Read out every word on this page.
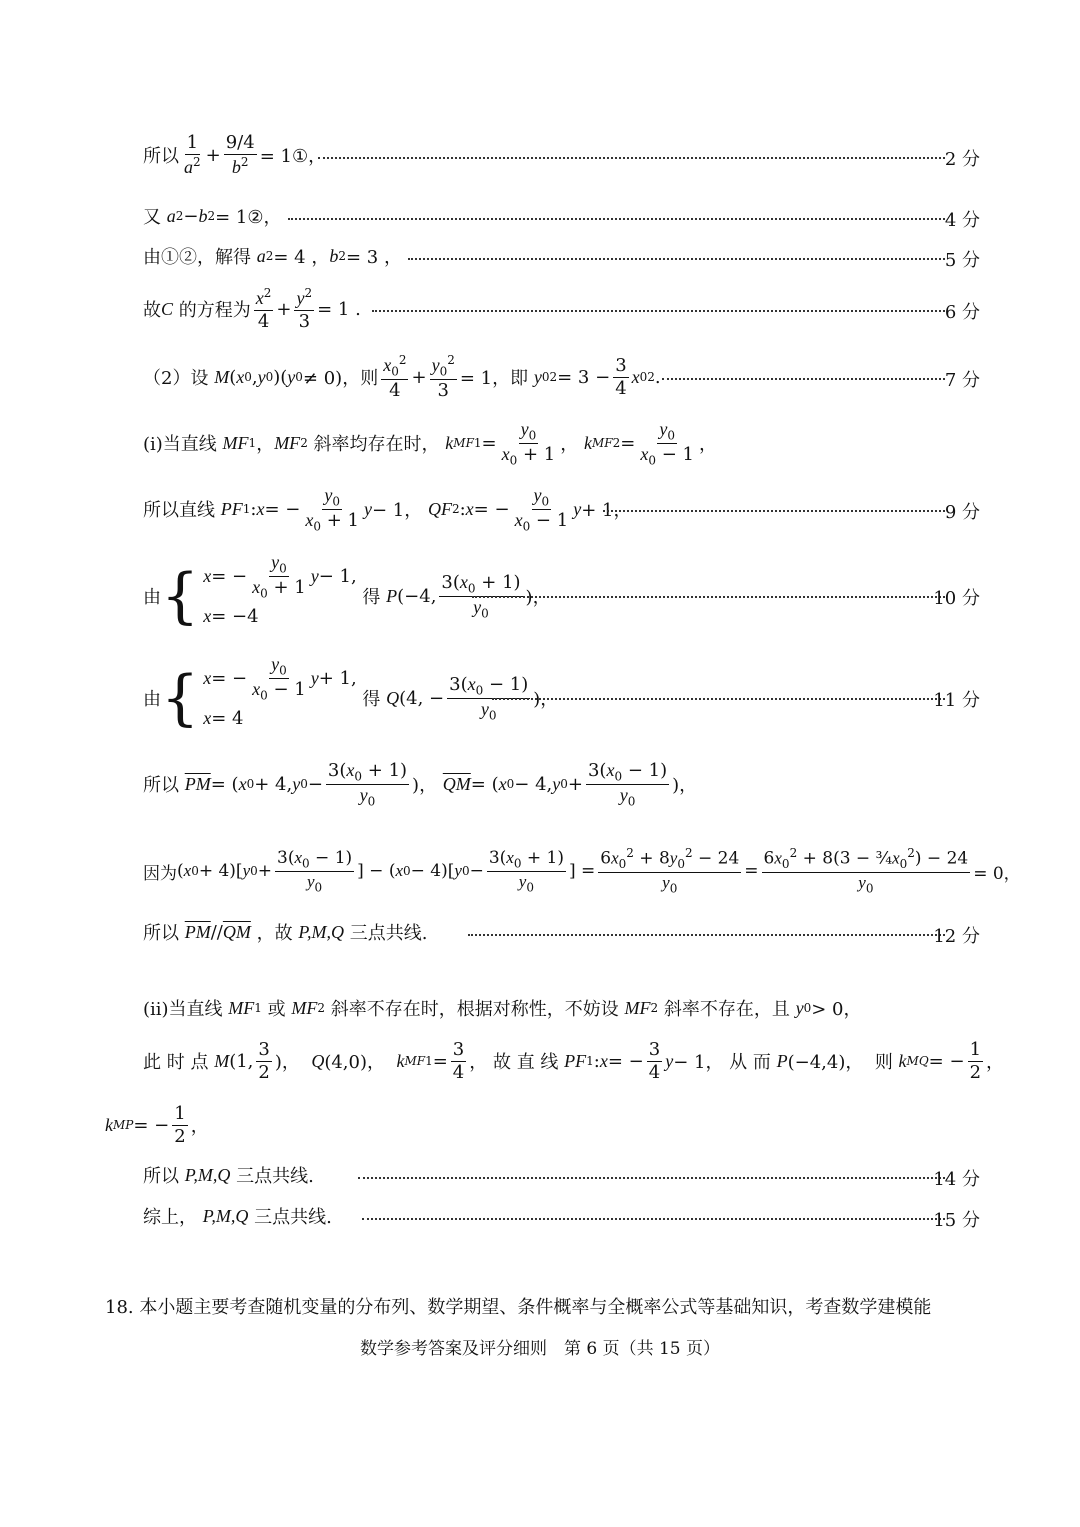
所以 $\frac{1}{a^2} + \frac{9/4}{b^2}$ = 1①，	2 分
又
a 2 − b 2 = 1②，	4 分
由①②，解得
a 2 = 4 ， b 2 = 3 ，	5 分
故 C 的方程为 $\frac{x^2}{4} + \frac{y^2}{3} = 1$ .	6 分
（2）设
M ( x 0 , y 0 )( y 0 ≠ 0)，则 $\frac{x_0^2}{4} + \frac{y_0^2}{3} = 1$，即 y 0 $2 = 3 - \frac{3}{4}$ x 0 2 .	7 分
(i)当直线
MF 1 ， MF 2 斜率均存在时， k $MF1 = \frac{y_0}{x_0 + 1}$ ， k $MF2 = \frac{y_0}{x_0 - 1}$ ，
所以直线
PF 1 : x = − $\frac{y_0}{x_0 + 1}$ y − 1， QF 2 : x = − $\frac{y_0}{x_0 - 1}$ y + 1，	9 分
由 { x = − $\frac{y_0}{x_0 + 1}$ y − 1,
x = −4
得 P (−4, $\frac{3(x_0 + 1)}{y_0}$ )，	10 分
由 { x = − $\frac{y_0}{x_0 - 1}$ y + 1,
x = 4
得 Q (4, − $\frac{3(x_0 - 1)}{y_0}$ )，	11 分
所以
$\overline{PM}$ = ( x 0 + 4, y $0 - \frac{3(x_0 + 1)}{y_0}$ )， $\overline{QM}$ = ( x 0 − 4, y $0 + \frac{3(x_0 - 1)}{y_0}$ )，
因为 ( x 0 + 4)[ y $0 + \frac{3(x_0 - 1)}{y_0}$ ] − ( x 0 − 4)[ y $0 - \frac{3(x_0 + 1)}{y_0}$ ] = $\frac{6x_0^2 + 8y_0^2 - 24}{y_0} = \frac{6x_0^2 + 8(3 - \frac{3}{4}x_0^2) - 24}{y_0} = 0$，
所以
$\overline{PM} // \overline{QM}$ ，故 P,M,Q 三点共线.	12 分
(ii)当直线
MF 1 或 MF 2 斜率不存在时，根据对称性，不妨设 MF 2 斜率不存在，且 y 0 > 0，
此 时 点
M (1, $\frac{3}{2}$ )， Q (4,0)， k $MF1 = \frac{3}{4}$ ， 故 直 线 PF 1 : x = − $\frac{3}{4}$ y − 1， 从 而 P (−4,4)，  则 k MQ = − $\frac{1}{2}$ ，
k MP = − $\frac{1}{2}$ ，
所以
P,M,Q 三点共线.	14 分
综上，
P,M,Q 三点共线.	15 分
18. 本小题主要考查随机变量的分布列、数学期望、条件概率与全概率公式等基础知识，考查数学建模能
数学参考答案及评分细则　第 6 页（共 15 页）
